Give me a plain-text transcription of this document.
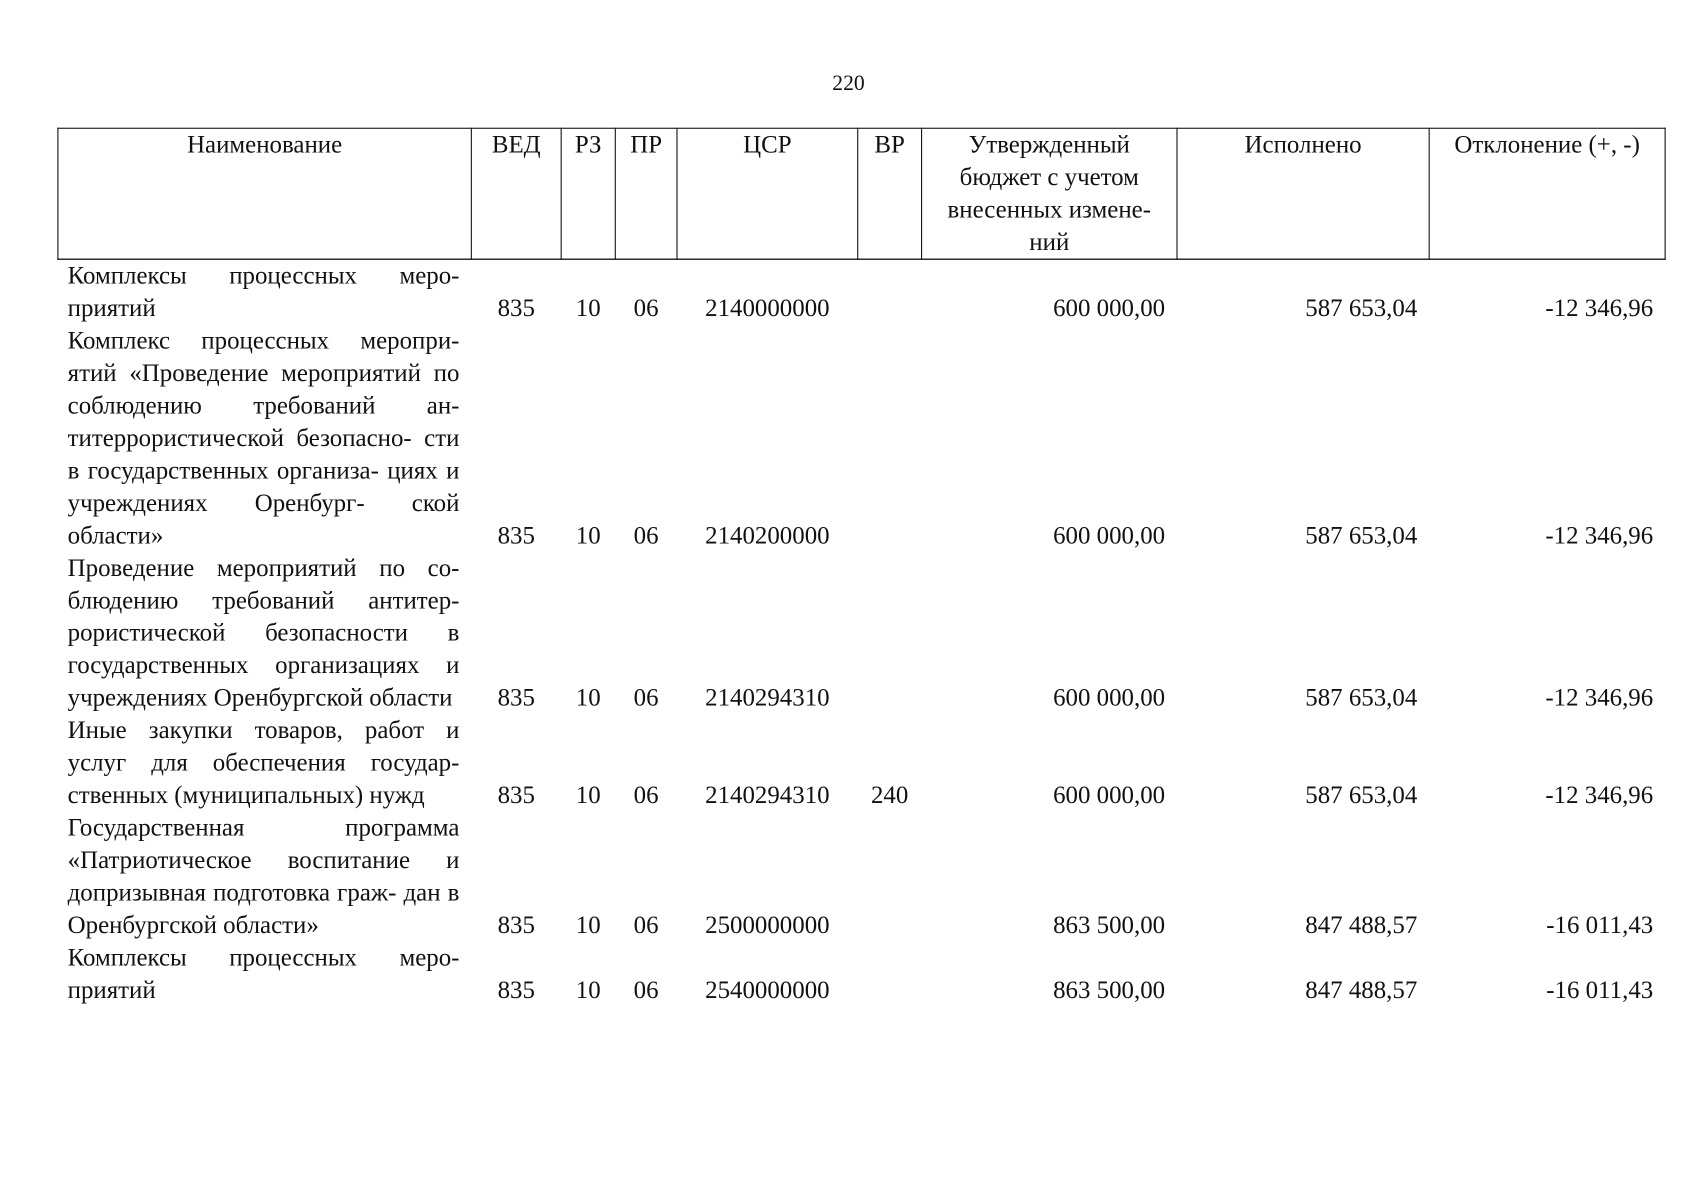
220
Наименование	ВЕД	РЗ	ПР	ЦСР	ВР	Утвержденный бюджет с учетом внесенных измене- ний	Исполнено	Отклонение (+, -)
Комплексы процессных меро- приятий	835	10	06	2140000000		600 000,00	587 653,04	-12 346,96
Комплекс процессных меропри- ятий «Проведение мероприятий по соблюдению требований ан- титеррористической безопасно- сти в государственных организа- циях и учреждениях Оренбург- ской области»	835	10	06	2140200000		600 000,00	587 653,04	-12 346,96
Проведение мероприятий по со- блюдению требований антитер- рористической безопасности в государственных организациях и учреждениях Оренбургской области	835	10	06	2140294310		600 000,00	587 653,04	-12 346,96
Иные закупки товаров, работ и услуг для обеспечения государ- ственных (муниципальных) нужд	835	10	06	2140294310	240	600 000,00	587 653,04	-12 346,96
Государственная программа «Патриотическое воспитание и допризывная подготовка граж- дан в Оренбургской области»	835	10	06	2500000000		863 500,00	847 488,57	-16 011,43
Комплексы процессных меро- приятий	835	10	06	2540000000		863 500,00	847 488,57	-16 011,43
